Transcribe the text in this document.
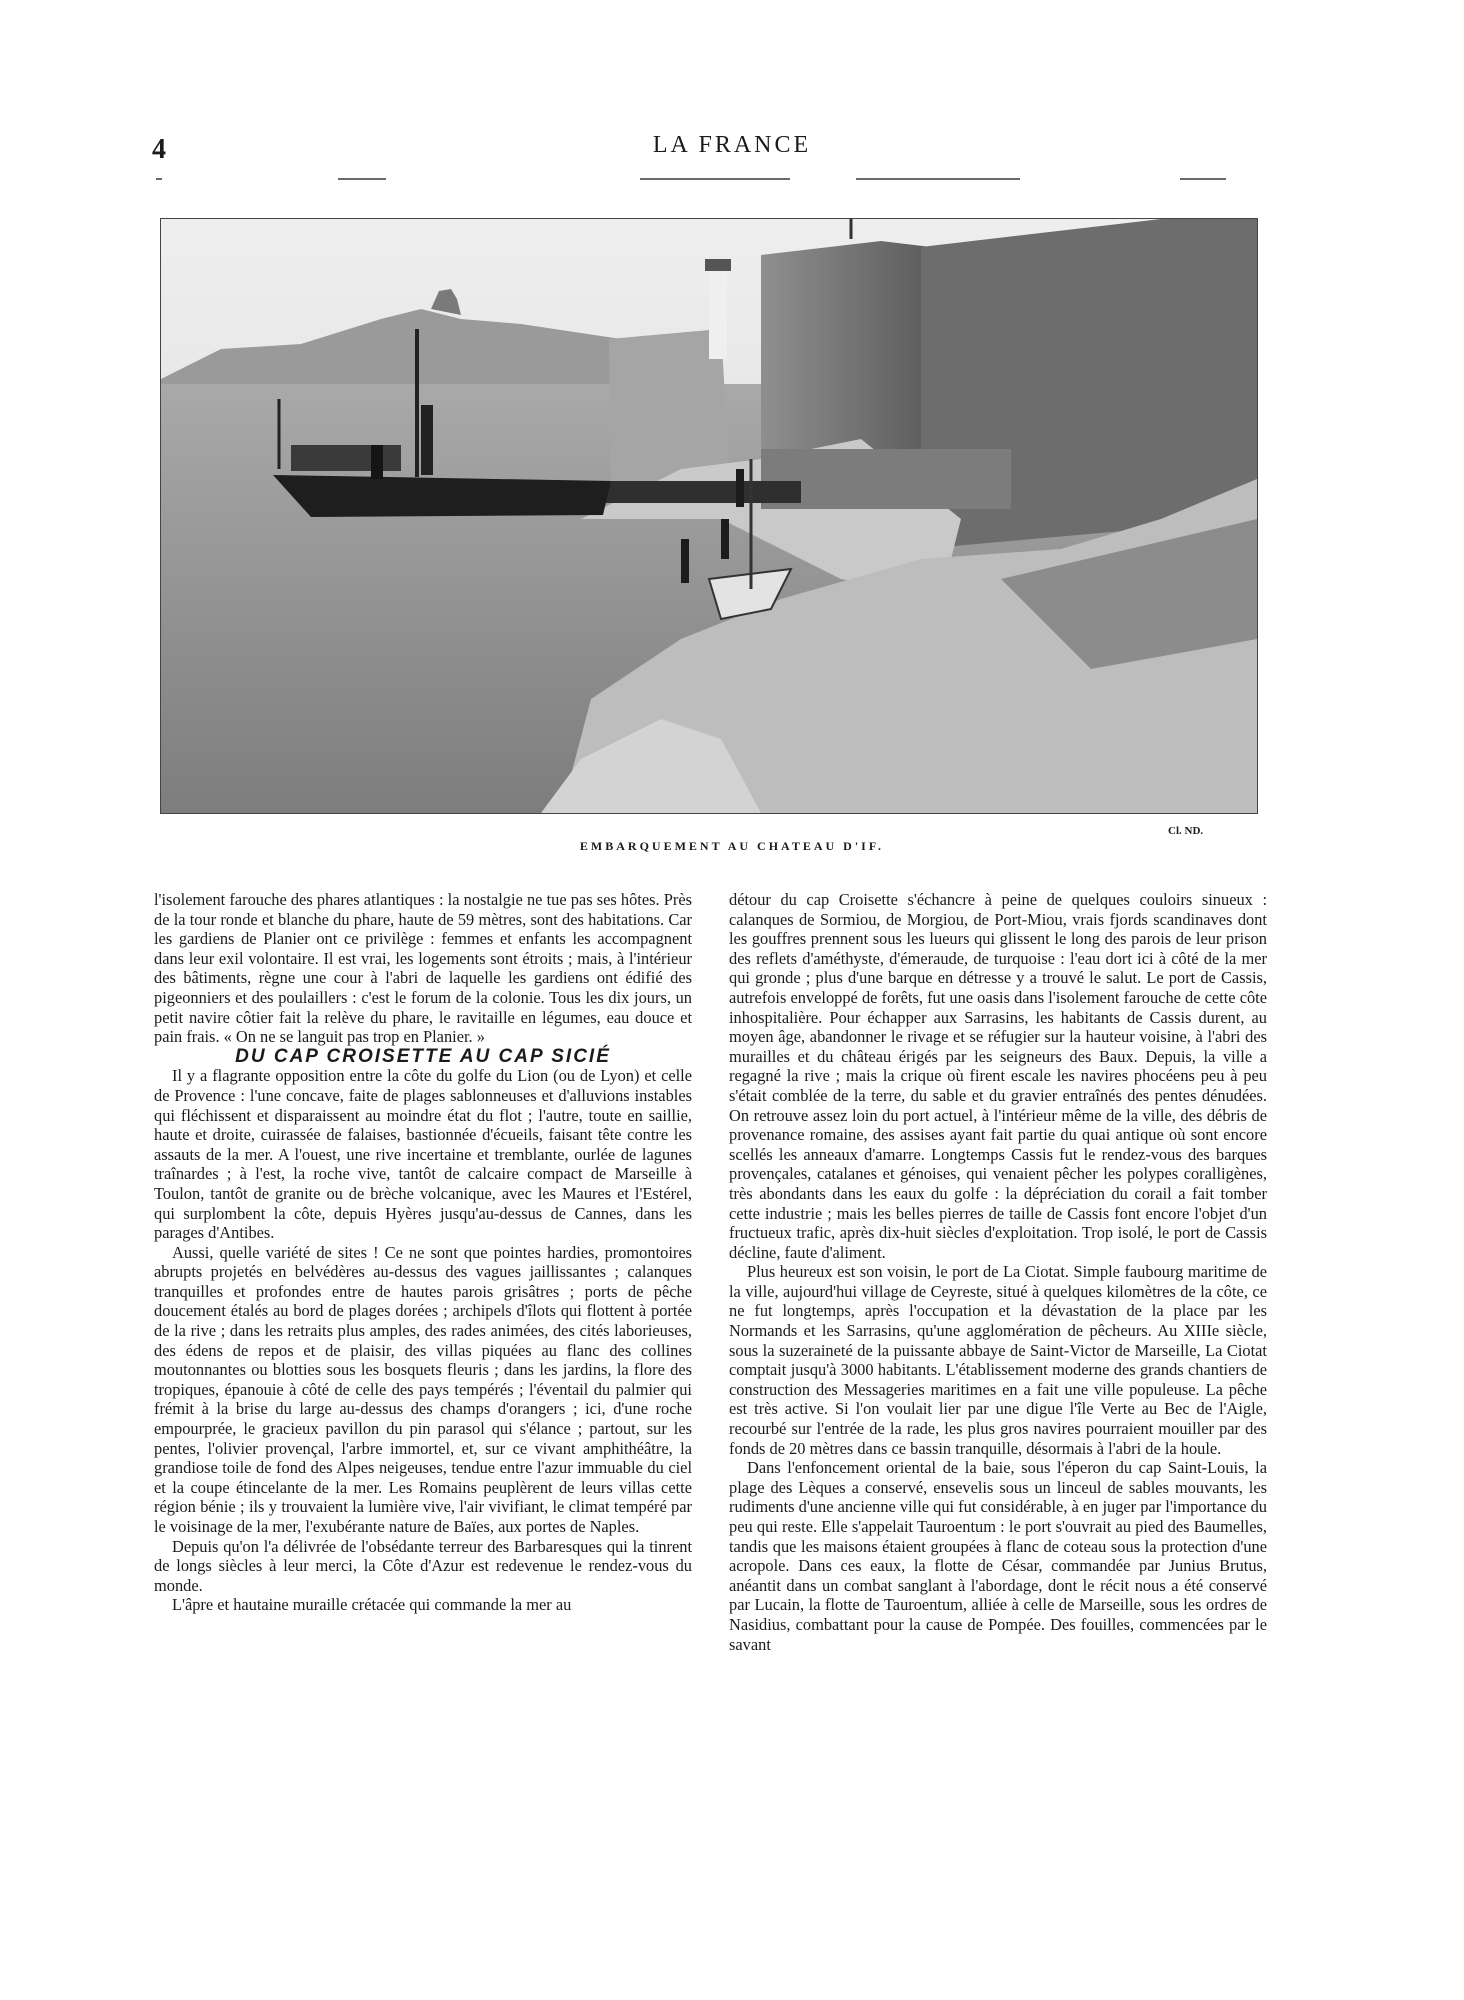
4	LA FRANCE
Cl. ND.
EMBARQUEMENT AU CHATEAU D'IF.

l'isolement farouche des phares atlantiques : la nostalgie ne tue pas ses hôtes. Près de la tour ronde et blanche du phare, haute de 59 mètres, sont des habitations. Car les gardiens de Planier ont ce privilège : femmes et enfants les accompagnent dans leur exil volontaire. Il est vrai, les logements sont étroits ; mais, à l'intérieur des bâtiments, règne une cour à l'abri de laquelle les gardiens ont édifié des pigeonniers et des poulaillers : c'est le forum de la colonie. Tous les dix jours, un petit navire côtier fait la relève du phare, le ravitaille en légumes, eau douce et pain frais. « On ne se languit pas trop en Planier. »

DU CAP CROISETTE AU CAP SICIÉ

Il y a flagrante opposition entre la côte du golfe du Lion (ou de Lyon) et celle de Provence : l'une concave, faite de plages sablonneuses et d'alluvions instables qui fléchissent et disparaissent au moindre état du flot ; l'autre, toute en saillie, haute et droite, cuirassée de falaises, bastionnée d'écueils, faisant tête contre les assauts de la mer. A l'ouest, une rive incertaine et tremblante, ourlée de lagunes traînardes ; à l'est, la roche vive, tantôt de calcaire compact de Marseille à Toulon, tantôt de granite ou de brèche volcanique, avec les Maures et l'Estérel, qui surplombent la côte, depuis Hyères jusqu'au-dessus de Cannes, dans les parages d'Antibes.

Aussi, quelle variété de sites ! Ce ne sont que pointes hardies, promontoires abrupts projetés en belvédères au-dessus des vagues jaillissantes ; calanques tranquilles et profondes entre de hautes parois grisâtres ; ports de pêche doucement étalés au bord de plages dorées ; archipels d'îlots qui flottent à portée de la rive ; dans les retraits plus amples, des rades animées, des cités laborieuses, des édens de repos et de plaisir, des villas piquées au flanc des collines moutonnantes ou blotties sous les bosquets fleuris ; dans les jardins, la flore des tropiques, épanouie à côté de celle des pays tempérés ; l'éventail du palmier qui frémit à la brise du large au-dessus des champs d'orangers ; ici, d'une roche empourprée, le gracieux pavillon du pin parasol qui s'élance ; partout, sur les pentes, l'olivier provençal, l'arbre immortel, et, sur ce vivant amphithéâtre, la grandiose toile de fond des Alpes neigeuses, tendue entre l'azur immuable du ciel et la coupe étincelante de la mer. Les Romains peuplèrent de leurs villas cette région bénie ; ils y trouvaient la lumière vive, l'air vivifiant, le climat tempéré par le voisinage de la mer, l'exubérante nature de Baïes, aux portes de Naples.

Depuis qu'on l'a délivrée de l'obsédante terreur des Barbaresques qui la tinrent de longs siècles à leur merci, la Côte d'Azur est redevenue le rendez-vous du monde.

L'âpre et hautaine muraille crétacée qui commande la mer au

détour du cap Croisette s'échancre à peine de quelques couloirs sinueux : calanques de Sormiou, de Morgiou, de Port-Miou, vrais fjords scandinaves dont les gouffres prennent sous les lueurs qui glissent le long des parois de leur prison des reflets d'améthyste, d'émeraude, de turquoise : l'eau dort ici à côté de la mer qui gronde ; plus d'une barque en détresse y a trouvé le salut. Le port de Cassis, autrefois enveloppé de forêts, fut une oasis dans l'isolement farouche de cette côte inhospitalière. Pour échapper aux Sarrasins, les habitants de Cassis durent, au moyen âge, abandonner le rivage et se réfugier sur la hauteur voisine, à l'abri des murailles et du château érigés par les seigneurs des Baux. Depuis, la ville a regagné la rive ; mais la crique où firent escale les navires phocéens peu à peu s'était comblée de la terre, du sable et du gravier entraînés des pentes dénudées. On retrouve assez loin du port actuel, à l'intérieur même de la ville, des débris de provenance romaine, des assises ayant fait partie du quai antique où sont encore scellés les anneaux d'amarre. Longtemps Cassis fut le rendez-vous des barques provençales, catalanes et génoises, qui venaient pêcher les polypes coralligènes, très abondants dans les eaux du golfe : la dépréciation du corail a fait tomber cette industrie ; mais les belles pierres de taille de Cassis font encore l'objet d'un fructueux trafic, après dix-huit siècles d'exploitation. Trop isolé, le port de Cassis décline, faute d'aliment.

Plus heureux est son voisin, le port de La Ciotat. Simple faubourg maritime de la ville, aujourd'hui village de Ceyreste, situé à quelques kilomètres de la côte, ce ne fut longtemps, après l'occupation et la dévastation de la place par les Normands et les Sarrasins, qu'une agglomération de pêcheurs. Au XIIIe siècle, sous la suzeraineté de la puissante abbaye de Saint-Victor de Marseille, La Ciotat comptait jusqu'à 3000 habitants. L'établissement moderne des grands chantiers de construction des Messageries maritimes en a fait une ville populeuse. La pêche est très active. Si l'on voulait lier par une digue l'île Verte au Bec de l'Aigle, recourbé sur l'entrée de la rade, les plus gros navires pourraient mouiller par des fonds de 20 mètres dans ce bassin tranquille, désormais à l'abri de la houle.

Dans l'enfoncement oriental de la baie, sous l'éperon du cap Saint-Louis, la plage des Lèques a conservé, ensevelis sous un linceul de sables mouvants, les rudiments d'une ancienne ville qui fut considérable, à en juger par l'importance du peu qui reste. Elle s'appelait Tauroentum : le port s'ouvrait au pied des Baumelles, tandis que les maisons étaient groupées à flanc de coteau sous la protection d'une acropole. Dans ces eaux, la flotte de César, commandée par Junius Brutus, anéantit dans un combat sanglant à l'abordage, dont le récit nous a été conservé par Lucain, la flotte de Tauroentum, alliée à celle de Marseille, sous les ordres de Nasidius, combattant pour la cause de Pompée. Des fouilles, commencées par le savant
